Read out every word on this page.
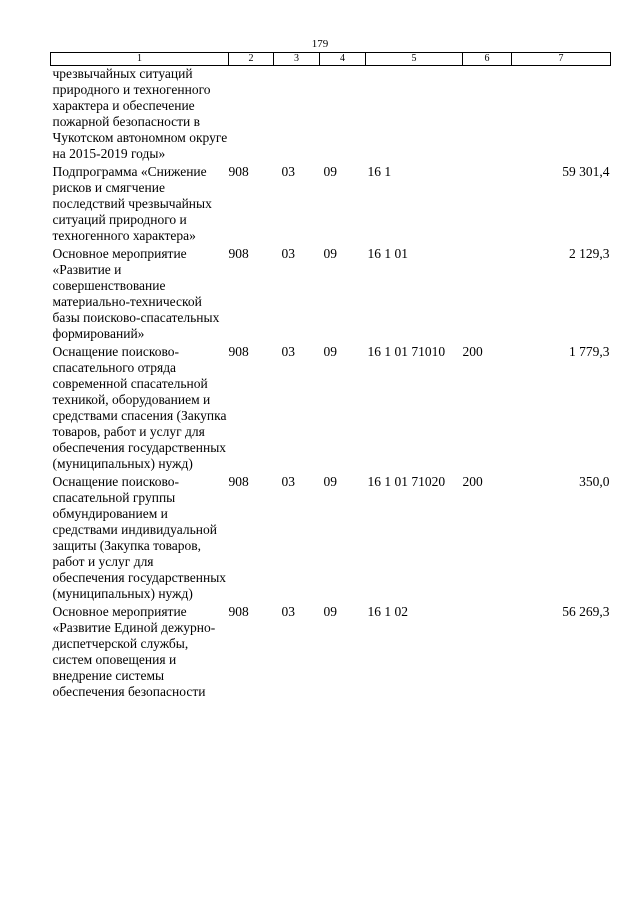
179
1	2	3	4	5	6	7
чрезвычайных ситуаций природного и техногенного характера и обеспечение пожарной безопасности в Чукотском автономном округе на 2015-2019 годы»						
Подпрограмма «Снижение рисков и смягчение последствий чрезвычайных ситуаций природного и техногенного характера»	908	03	09	16 1		59 301,4
Основное мероприятие «Развитие и совершенствование материально-технической базы поисково-спасательных формирований»	908	03	09	16 1 01		2 129,3
Оснащение поисково-спасательного отряда современной спасательной техникой, оборудованием и средствами спасения (Закупка товаров, работ и услуг для обеспечения государственных (муниципальных) нужд)	908	03	09	16 1 01 71010	200	1 779,3
Оснащение поисково-спасательной группы обмундированием и средствами индивидуальной защиты (Закупка товаров, работ и услуг для обеспечения государственных (муниципальных) нужд)	908	03	09	16 1 01 71020	200	350,0
Основное мероприятие «Развитие Единой дежурно-диспетчерской службы, систем оповещения и внедрение системы обеспечения безопасности	908	03	09	16 1 02		56 269,3
